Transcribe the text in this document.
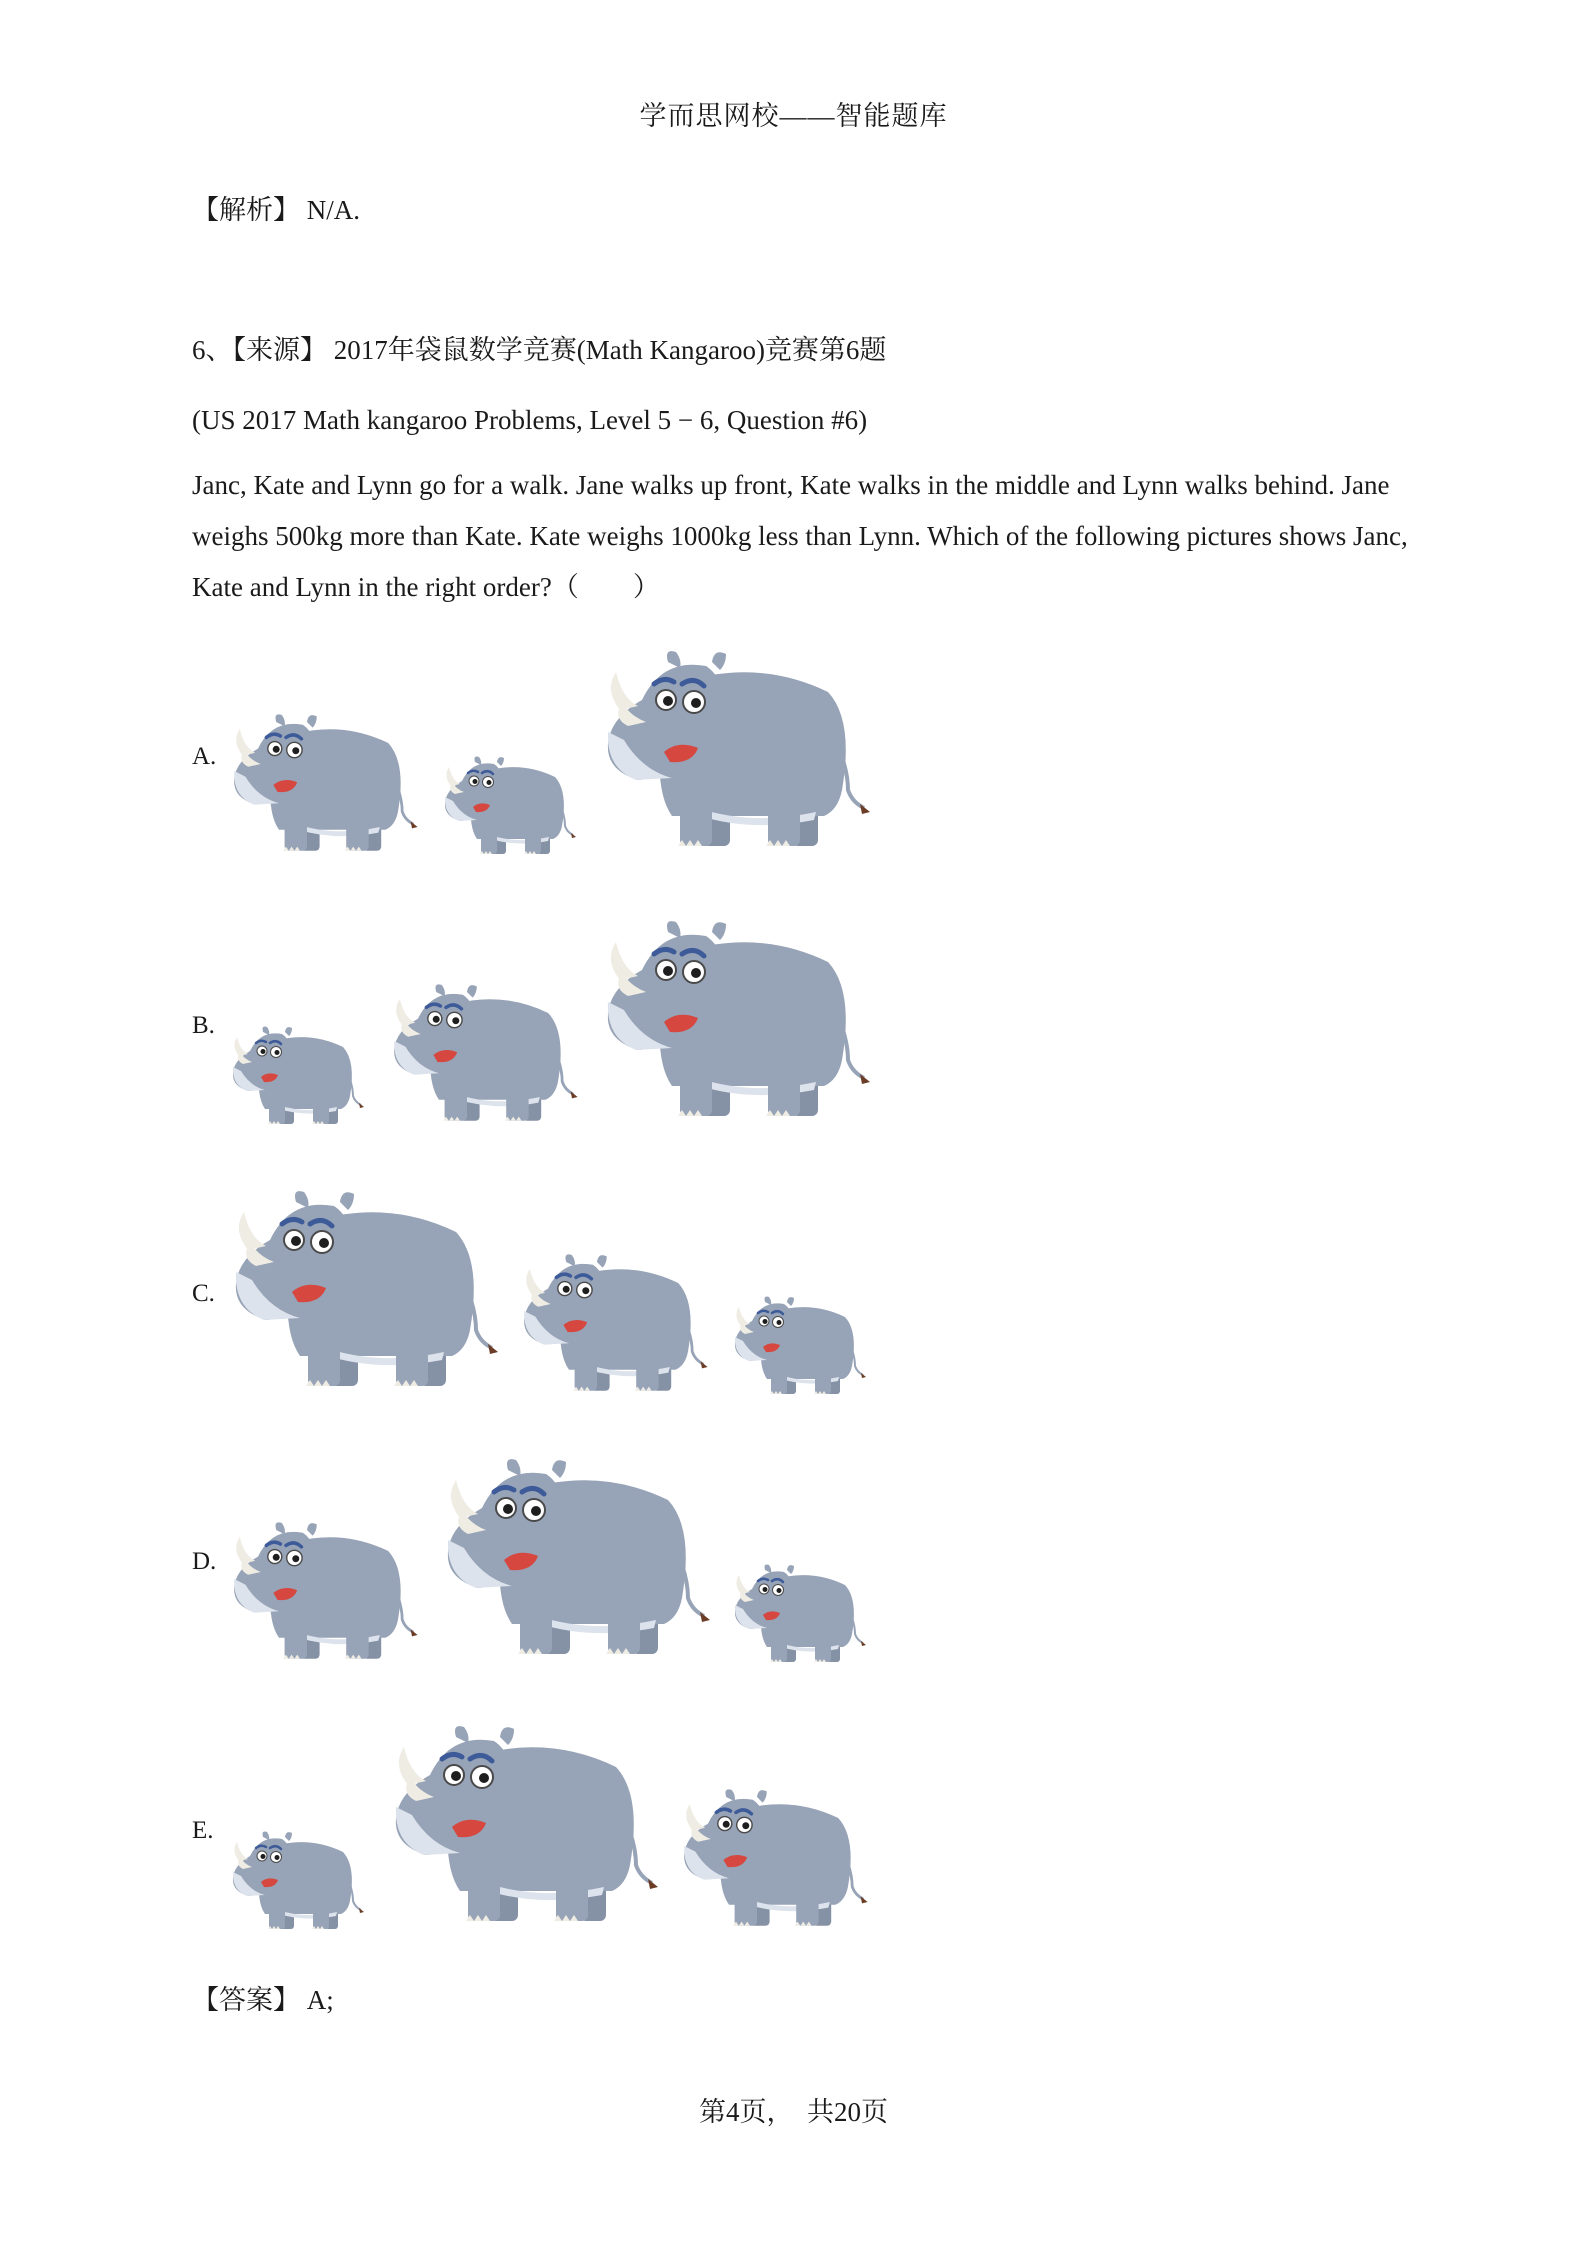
学而思网校——智能题库
【解析】 N/A.
6、【来源】 2017年袋鼠数学竞赛(Math Kangaroo)竞赛第6题
(US 2017 Math kangaroo Problems, Level 5 − 6, Question #6)
Janc, Kate and Lynn go for a walk. Jane walks up front, Kate walks in the middle and Lynn walks behind. Jane weighs 500kg more than Kate. Kate weighs 1000kg less than Lynn. Which of the following pictures shows Janc, Kate and Lynn in the right order?（　　）
A.
B.
C.
D.
E.
【答案】 A;
第4页，　共20页
